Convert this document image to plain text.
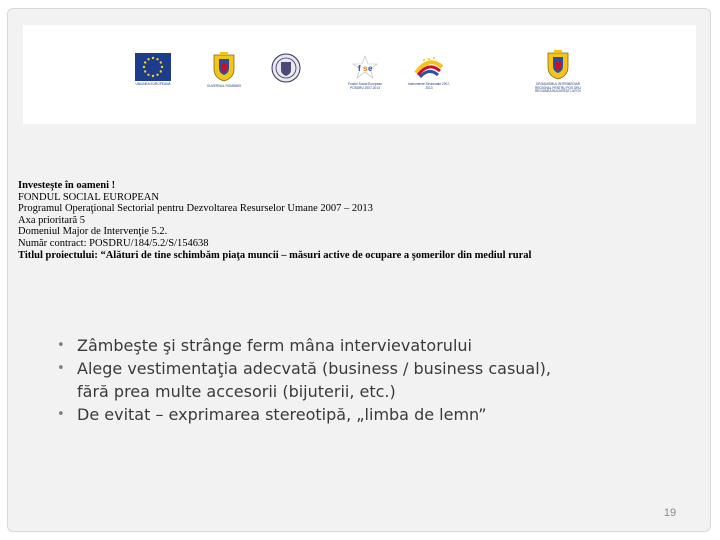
UNIUNEA EUROPEANĂ	GUVERNUL ROMÂNIEI
f s e
Fondul Social European POSDRU 2007-2013
Instrumente Structurale 2007-2013
ORGANISMUL INTERMEDIAR REGIONAL PENTRU POS DRU REGIUNEA BUCUREŞTI-ILFOV
Investeşte în oameni !
FONDUL SOCIAL EUROPEAN
Programul Operaţional Sectorial pentru Dezvoltarea Resurselor Umane 2007 – 2013
Axa prioritară 5
Domeniul Major de Intervenţie 5.2.
Număr contract: POSDRU/184/5.2/S/154638
Titlul proiectului: “Alături de tine schimbăm piaţa muncii – măsuri active de ocupare a şomerilor din mediul rural
• Zâmbeşte şi strânge ferm mâna intervievatorului
• Alege vestimentaţia adecvată (business / business casual), fără prea multe accesorii (bijuterii, etc.)
• De evitat – exprimarea stereotipă, „limba de lemn”
19
